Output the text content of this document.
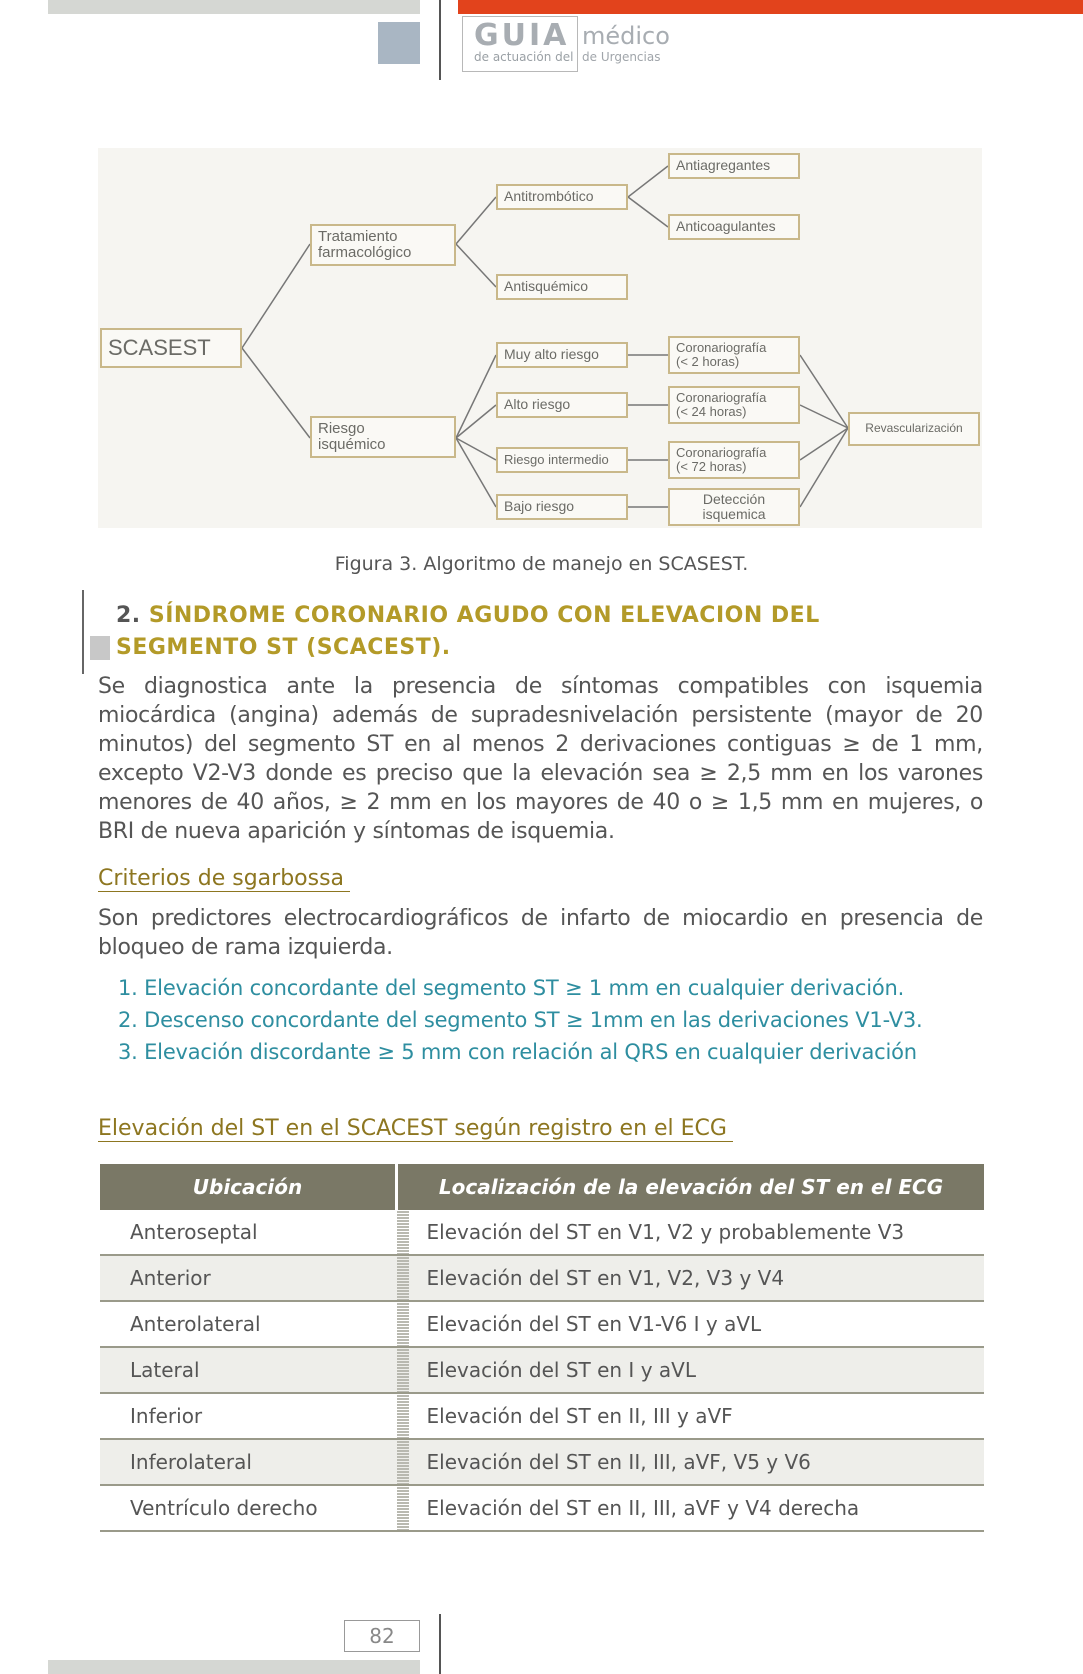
GUIA
de actuación del
médico
de Urgencias
SCASEST
Tratamiento
farmacológico
Riesgo
isquémico
Antitrombótico
Antisquémico
Antiagregantes
Anticoagulantes
Muy alto riesgo
Alto riesgo
Riesgo intermedio
Bajo riesgo
Coronariografía
(< 2 horas)
Coronariografía
(< 24 horas)
Coronariografía
(< 72 horas)
Detección
isquemica
Revascularización
Figura 3. Algoritmo de manejo en SCASEST.
2. SÍNDROME CORONARIO AGUDO CON ELEVACION DEL SEGMENTO ST (SCACEST).
Se diagnostica ante la presencia de síntomas compatibles con isquemia miocárdica (angina) además de supradesnivelación persistente (mayor de 20 minutos) del segmento ST en al menos 2 derivaciones contiguas ≥ de 1 mm, excepto V2-V3 donde es preciso que la elevación sea ≥ 2,5 mm en los varones menores de 40 años, ≥ 2 mm en los mayores de 40 o ≥ 1,5 mm en mujeres, o BRI de nueva aparición y síntomas de isquemia.
Criterios de sgarbossa
Son predictores electrocardiográficos de infarto de miocardio en presencia de bloqueo de rama izquierda.
1. Elevación concordante del segmento ST ≥ 1 mm en cualquier derivación.
2. Descenso concordante del segmento ST ≥ 1mm en las derivaciones V1-V3.
3. Elevación discordante ≥ 5 mm con relación al QRS en cualquier derivación
Elevación del ST en el SCACEST según registro en el ECG
Ubicación	Localización de la elevación del ST en el ECG	
Anteroseptal		Elevación del ST en V1, V2 y probablemente V3
Anterior		Elevación del ST en V1, V2, V3 y V4
Anterolateral		Elevación del ST en V1-V6 I y aVL
Lateral		Elevación del ST en I y aVL
Inferior		Elevación del ST en II, III y aVF
Inferolateral		Elevación del ST en II, III, aVF, V5 y V6
Ventrículo derecho		Elevación del ST en II, III, aVF y V4 derecha
82
